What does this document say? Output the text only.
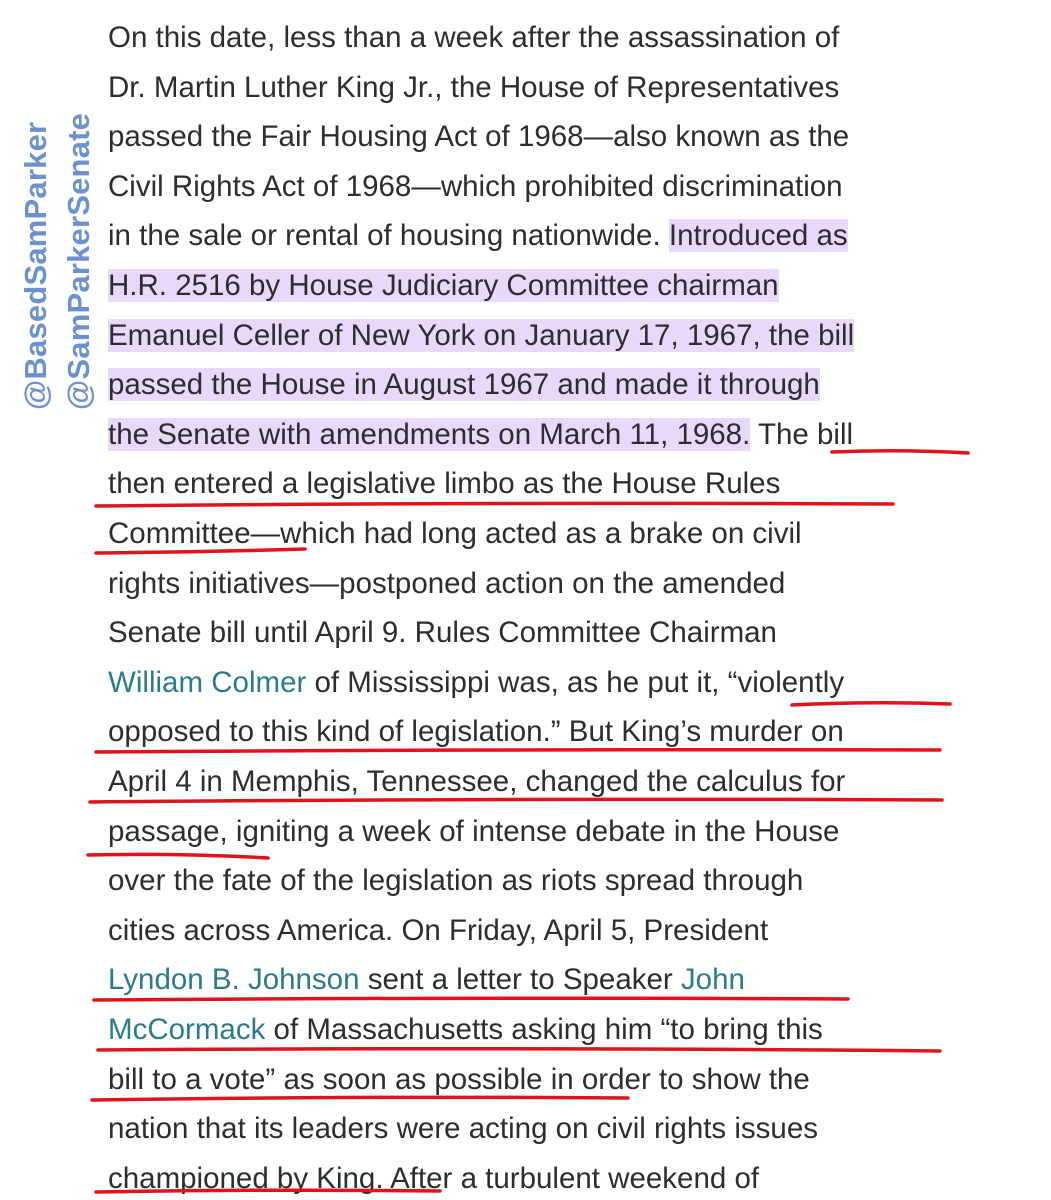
@BasedSamParker @SamParkerSenate
On this date, less than a week after the assassination of
Dr. Martin Luther King Jr., the House of Representatives
passed the Fair Housing Act of 1968—also known as the
Civil Rights Act of 1968—which prohibited discrimination
in the sale or rental of housing nationwide. Introduced as
H.R. 2516 by House Judiciary Committee chairman
Emanuel Celler of New York on January 17, 1967, the bill
passed the House in August 1967 and made it through
the Senate with amendments on March 11, 1968. The bill
then entered a legislative limbo as the House Rules
Committee—which had long acted as a brake on civil
rights initiatives—postponed action on the amended
Senate bill until April 9. Rules Committee Chairman
William Colmer of Mississippi was, as he put it, “violently
opposed to this kind of legislation.” But King’s murder on
April 4 in Memphis, Tennessee, changed the calculus for
passage, igniting a week of intense debate in the House
over the fate of the legislation as riots spread through
cities across America. On Friday, April 5, President
Lyndon B. Johnson sent a letter to Speaker John
McCormack of Massachusetts asking him “to bring this
bill to a vote” as soon as possible in order to show the
nation that its leaders were acting on civil rights issues
championed by King. After a turbulent weekend of
